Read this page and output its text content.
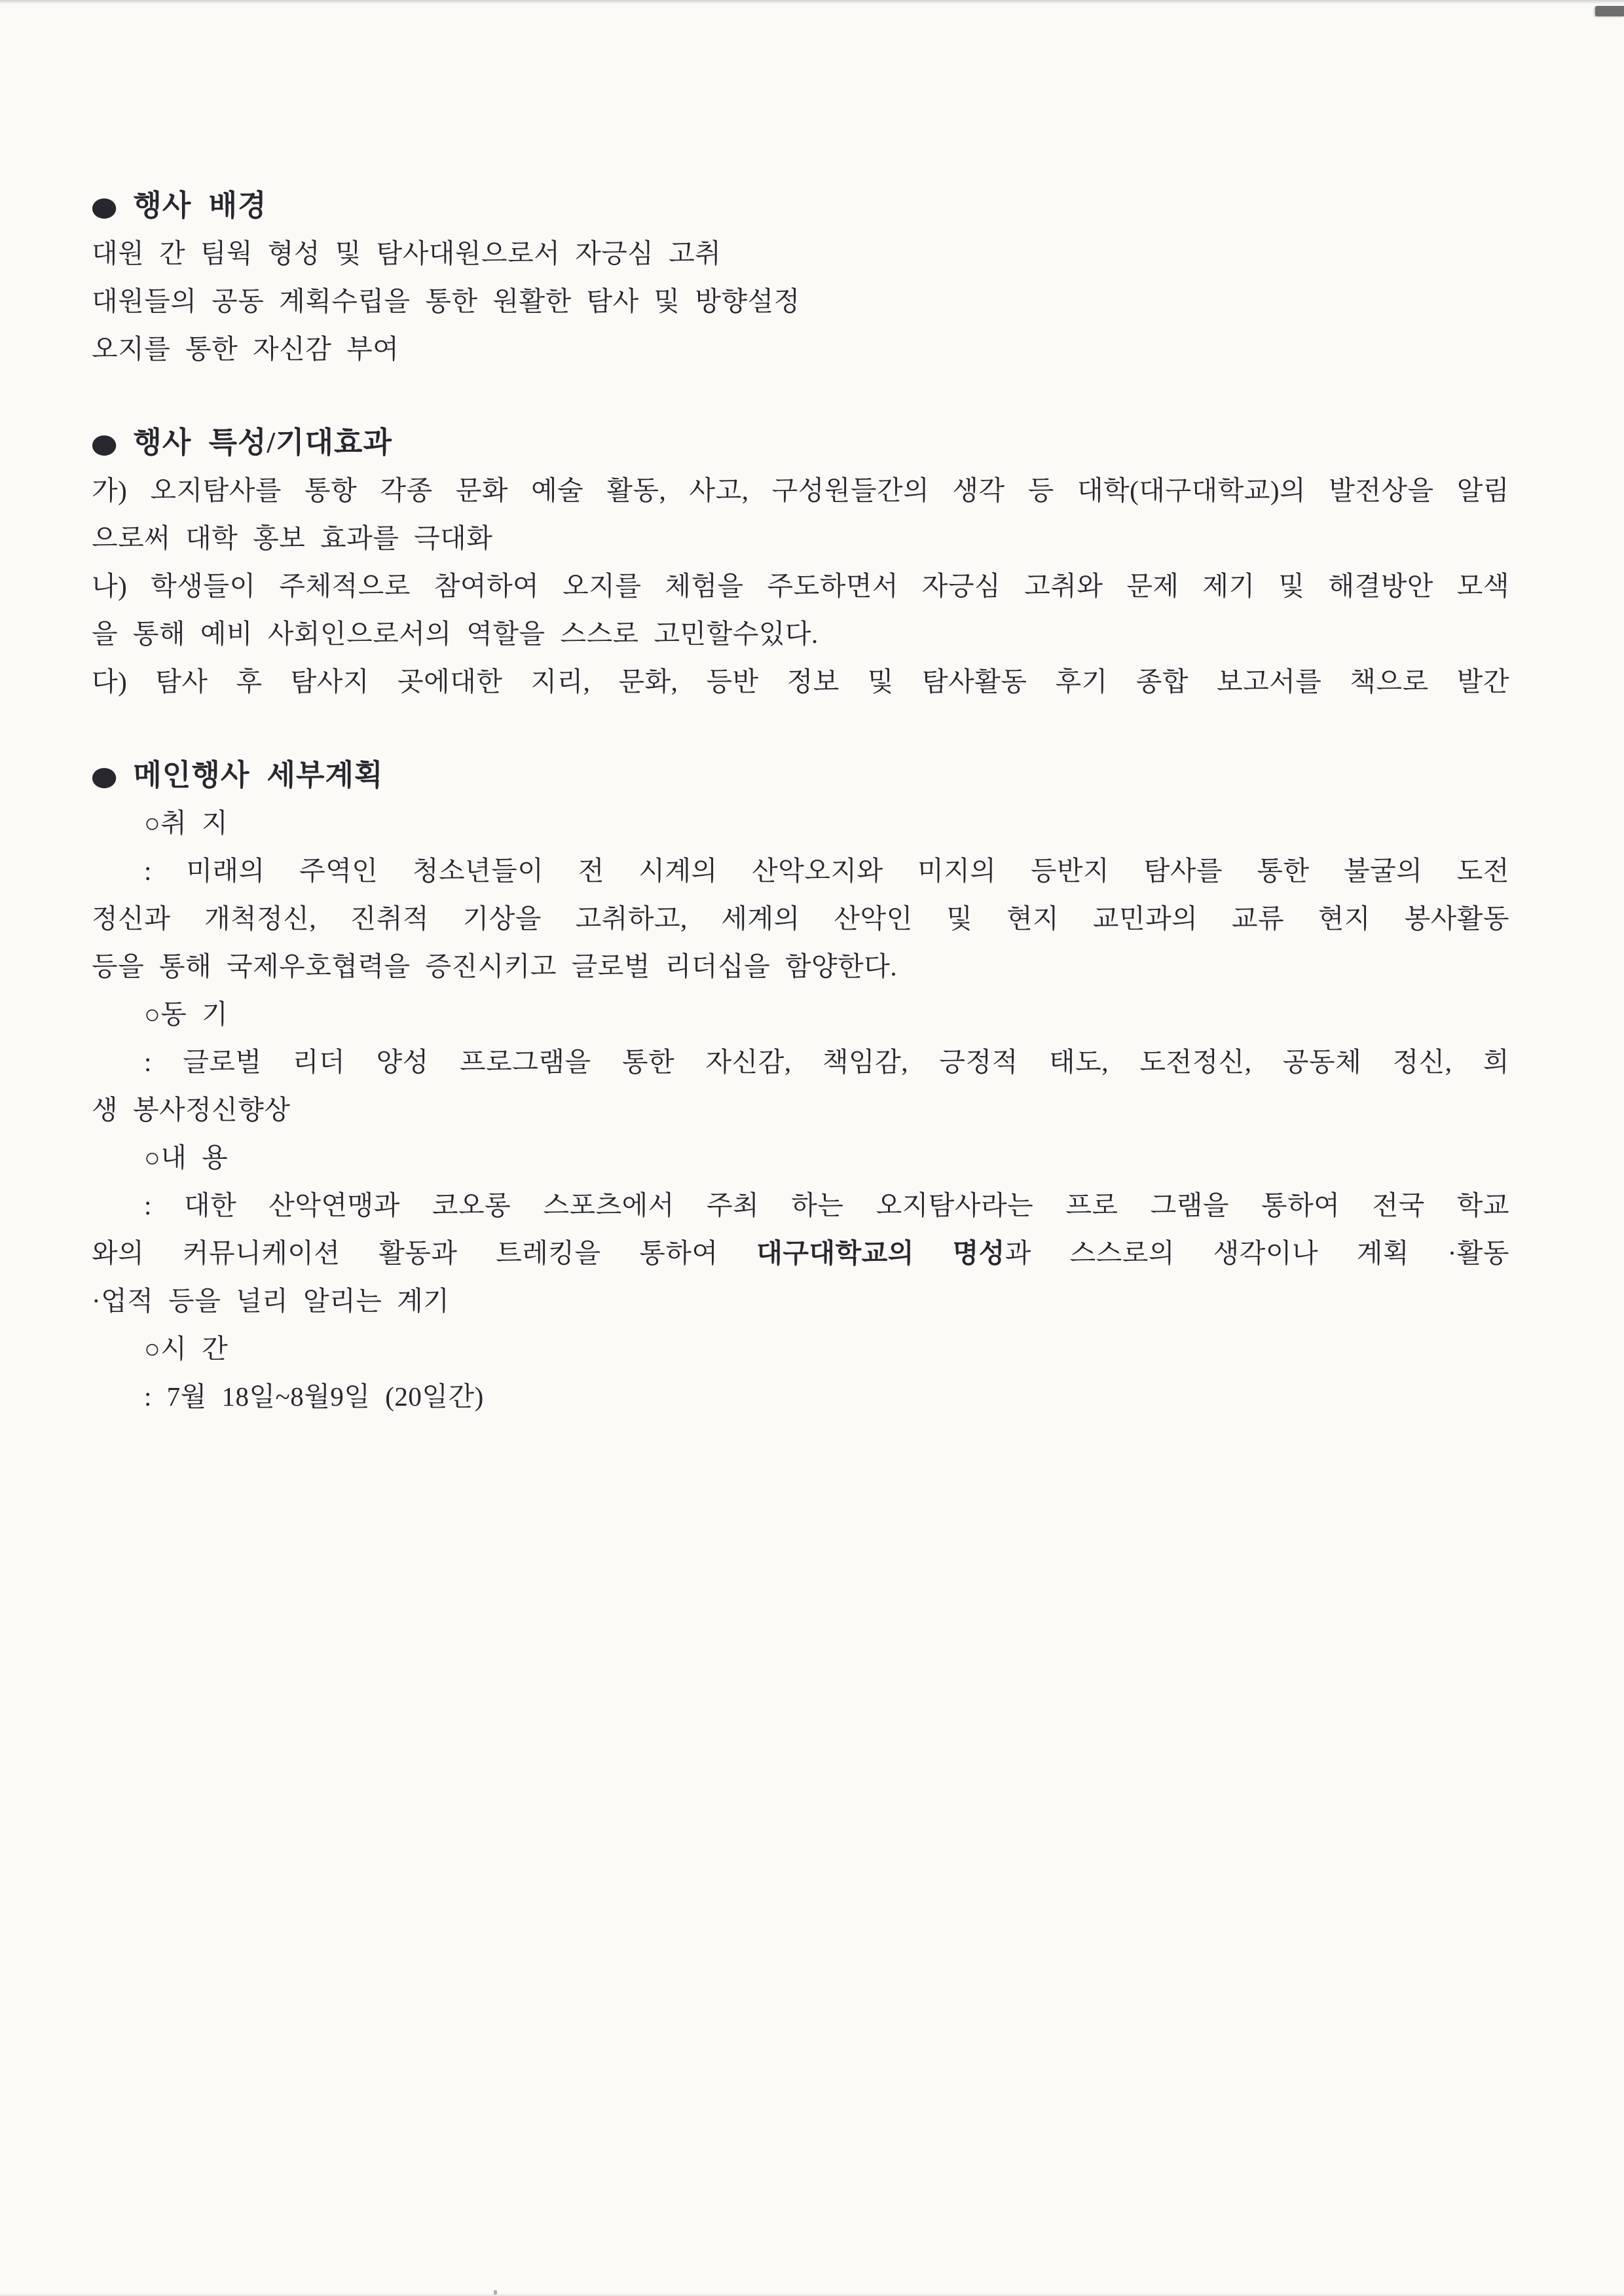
● 행사 배경
대원 간 팀웍 형성 및 탐사대원으로서 자긍심 고취
대원들의 공동 계획수립을 통한 원활한 탐사 및 방향설정
오지를 통한 자신감 부여
● 행사 특성/기대효과
가) 오지탐사를 통항 각종 문화 예술 활동, 사고, 구성원들간의 생각 등 대학(대구대학교)의 발전상을 알림
으로써 대학 홍보 효과를 극대화
나) 학생들이 주체적으로 참여하여 오지를 체험을 주도하면서 자긍심 고취와 문제 제기 및 해결방안 모색
을 통해 예비 사회인으로서의 역할을 스스로 고민할수있다.
다) 탐사 후 탐사지 곳에대한 지리, 문화, 등반 정보 및 탐사활동 후기 종합 보고서를 책으로 발간
● 메인행사 세부계획
○취 지
: 미래의 주역인 청소년들이 전 시계의 산악오지와 미지의 등반지 탐사를 통한 불굴의 도전
정신과 개척정신, 진취적 기상을 고취하고, 세계의 산악인 및 현지 교민과의 교류 현지 봉사활동
등을 통해 국제우호협력을 증진시키고 글로벌 리더십을 함양한다.
○동 기
: 글로벌 리더 양성 프로그램을 통한 자신감, 책임감, 긍정적 태도, 도전정신, 공동체 정신, 희
생 봉사정신향상
○내 용
: 대한 산악연맹과 코오롱 스포츠에서 주최 하는 오지탐사라는 프로 그램을 통하여 전국 학교
와의 커뮤니케이션 활동과 트레킹을 통하여 대구대학교의 명성과 스스로의 생각이나 계획 ·활동
·업적 등을 널리 알리는 계기
○시 간
: 7월 18일~8월9일 (20일간)
